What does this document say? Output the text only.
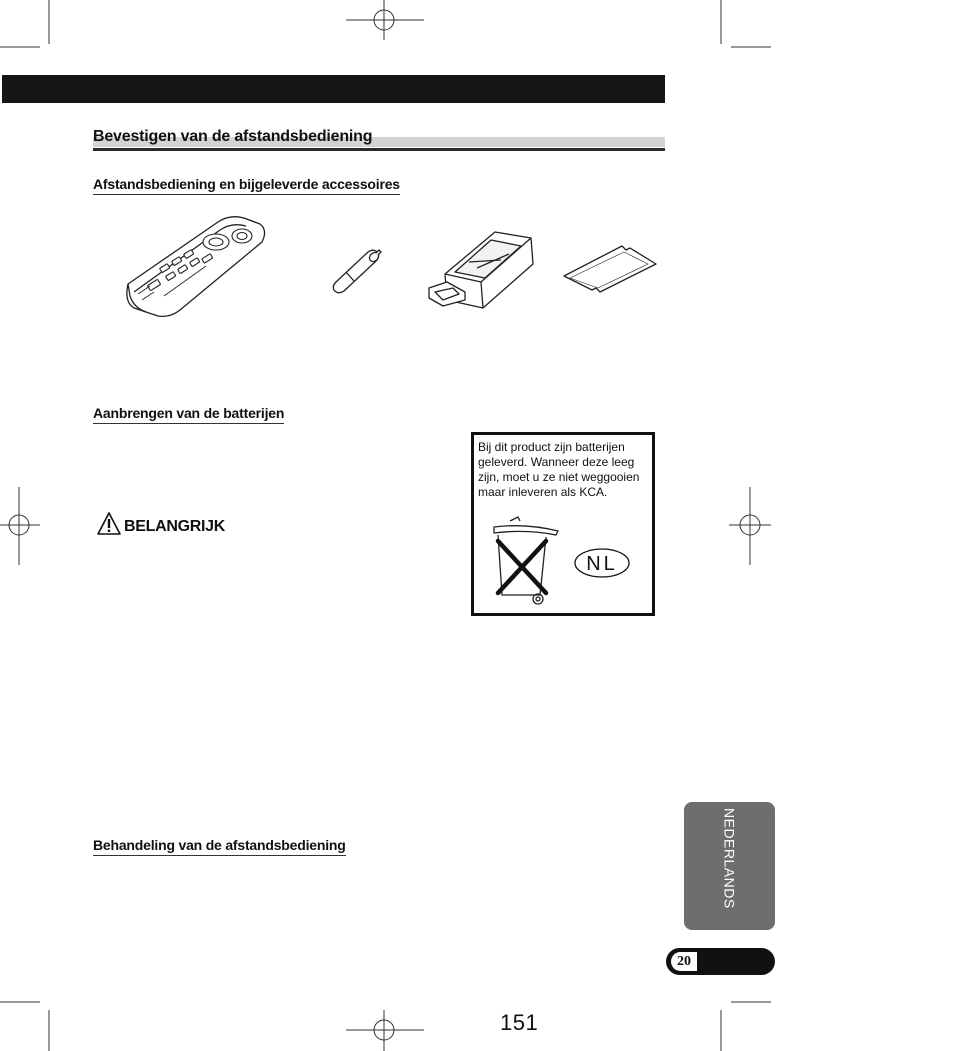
Bevestigen van de afstandsbediening
Afstandsbediening en bijgeleverde accessoires
Aanbrengen van de batterijen
BELANGRIJK
Bij dit product zijn batterijen geleverd. Wanneer deze leeg zijn, moet u ze niet weggooien maar inleveren als KCA.
NL
Behandeling van de afstandsbediening	NEDERLANDS
20
151
